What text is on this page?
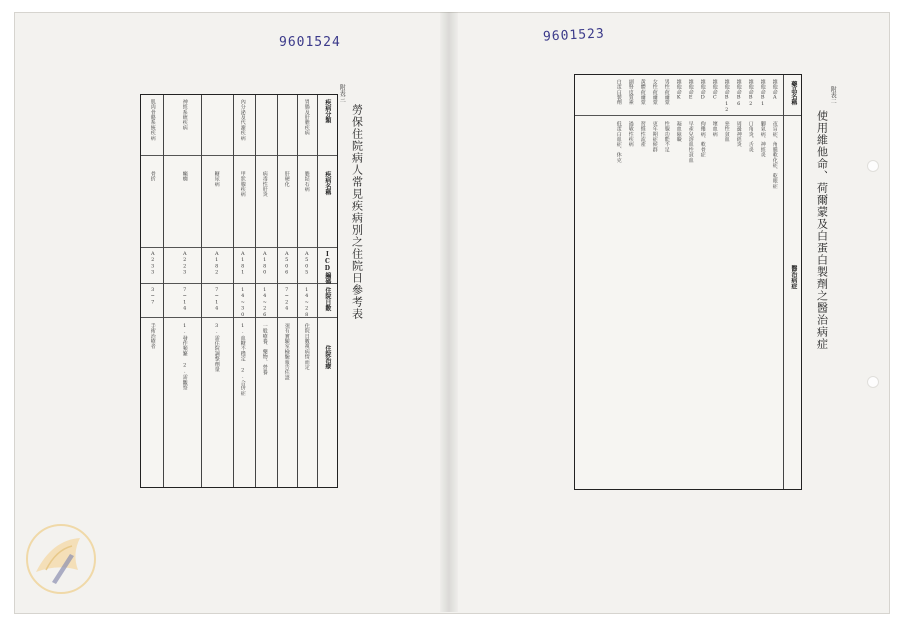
9601524
勞保住院病人常見疾病別之住院日參考表
附表三
疾病分類
疾病名稱
ICD編碼
住院日數
住院治療
胃腸及肝膽疾病
膽結石病
A505
14~28
住院日數視病情而定
肝硬化
A506
7~24
須有實驗室檢驗報告佐證
病毒性肝炎
A180
14~26
一般療養、藥物、營養
內分泌及代謝疾病
甲狀腺疾病
A181
14~30
1.血糖不穩定 2.合併症
糖尿病
A182
7~14
3.需住院調整劑量
神經系統疾病
癲癇
A223
7~14
1.發作頻繁 2.需觀察
肌肉骨骼系統疾病
骨折
A233
3~7
手術治療者
9601523
使用維他命、荷爾蒙及白蛋白製劑之醫治病症
附表二
藥品名稱
醫治病症
維他命A
夜盲症、角膜軟化症、乾眼症
維他命B1
腳氣病、神經炎
維他命B2
口角炎、舌炎
維他命B6
周邊神經炎
維他命B12
惡性貧血
維他命C
壞血病
維他命D
佝僂病、軟骨症
維他命E
早產兒溶血性貧血
維他命K
凝血障礙
男性荷爾蒙
性腺功能不足
女性荷爾蒙
更年期症候群
黃體荷爾蒙
習慣性流產
副腎皮質素
過敏性疾病
白蛋白製劑
低蛋白血症、休克
